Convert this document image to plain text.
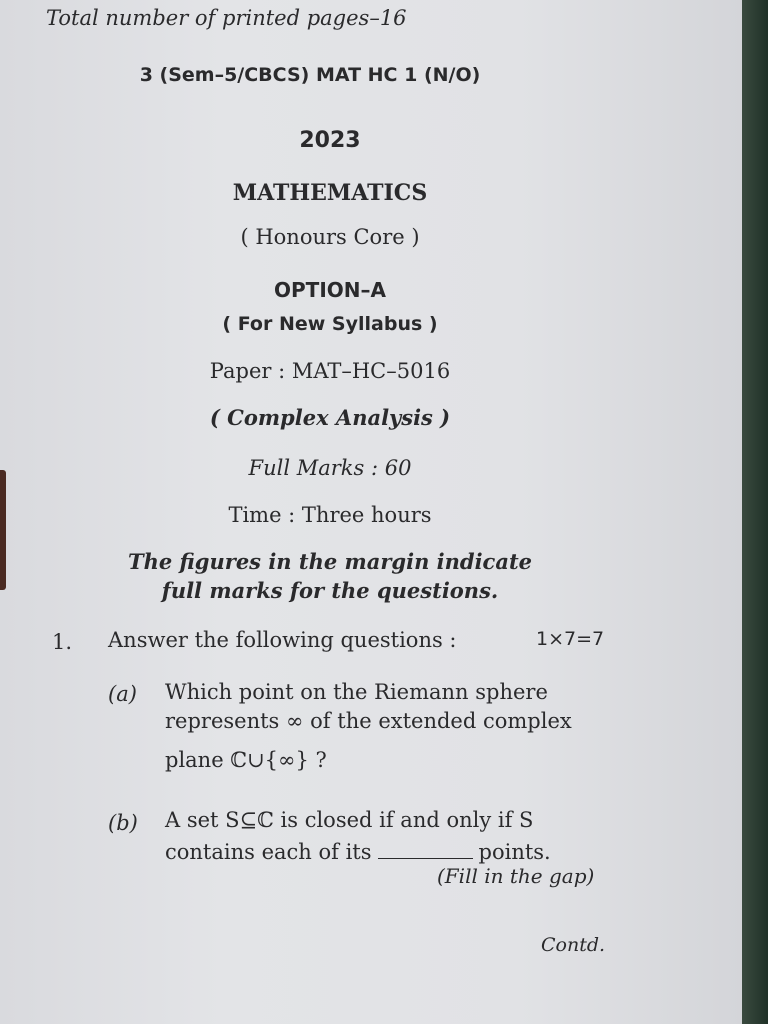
Total number of printed pages–16
3 (Sem–5/CBCS) MAT HC 1 (N/O)
2023
MATHEMATICS
( Honours Core )
OPTION–A
( For New Syllabus )
Paper : MAT–HC–5016
( Complex Analysis )
Full Marks : 60
Time : Three hours
The figures in the margin indicate
full marks for the questions.
1. Answer the following questions :	1×7=7
(a) Which point on the Riemann sphere
represents ∞ of the extended complex
plane ℂ∪{∞} ?
(b) A set S⊆ℂ is closed if and only if S
contains each of its	points.
(Fill in the gap)
Contd.
